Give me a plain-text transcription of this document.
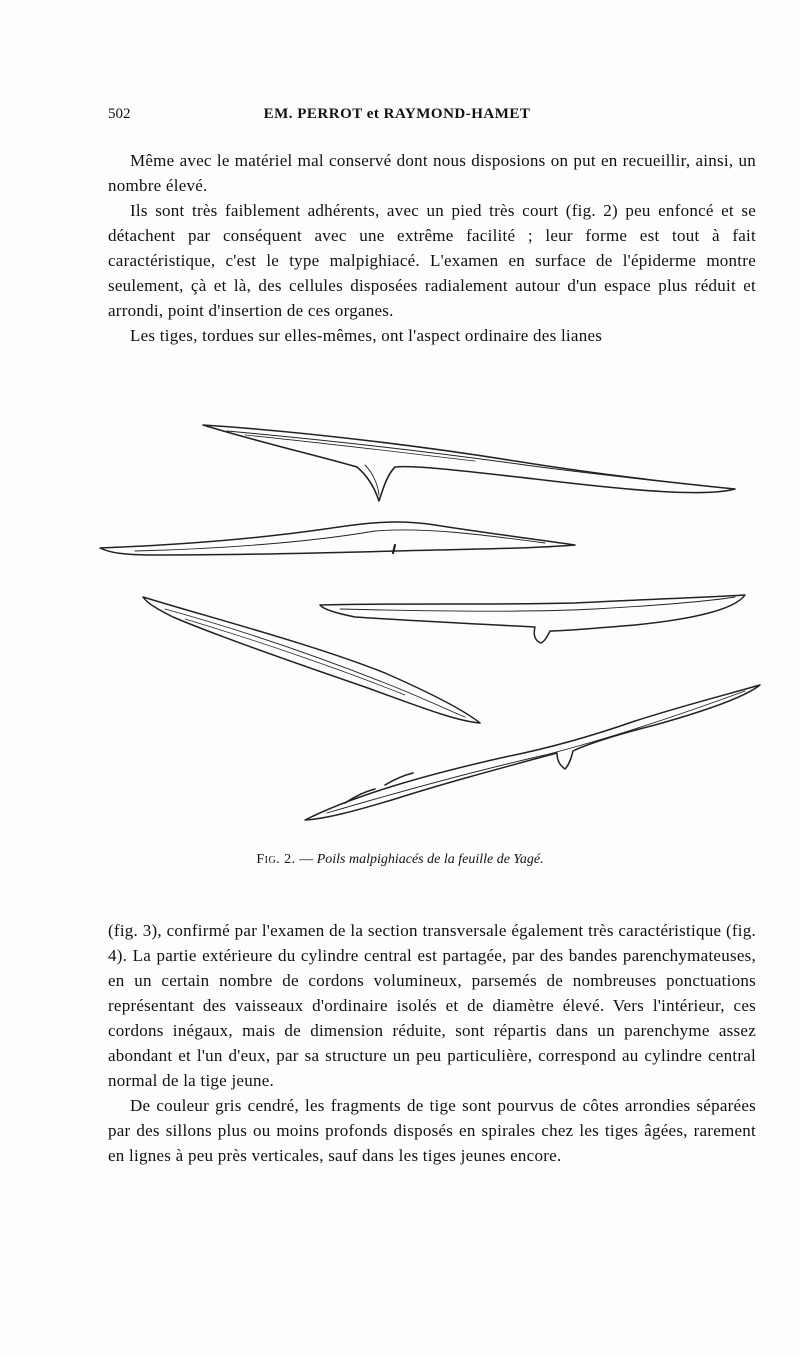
502	EM. PERROT et RAYMOND-HAMET

Même avec le matériel mal conservé dont nous disposions on put en recueillir, ainsi, un nombre élevé.

Ils sont très faiblement adhérents, avec un pied très court (fig. 2) peu enfoncé et se détachent par conséquent avec une extrême facilité ; leur forme est tout à fait caractéristique, c'est le type malpighiacé. L'examen en surface de l'épiderme montre seulement, çà et là, des cellules disposées radialement autour d'un espace plus réduit et arrondi, point d'insertion de ces organes.

Les tiges, tordues sur elles-mêmes, ont l'aspect ordinaire des lianes

Fig. 2. — Poils malpighiacés de la feuille de Yagé.

(fig. 3), confirmé par l'examen de la section transversale également très caractéristique (fig. 4). La partie extérieure du cylindre central est partagée, par des bandes parenchymateuses, en un certain nombre de cordons volumineux, parsemés de nombreuses ponctuations représentant des vaisseaux d'ordinaire isolés et de diamètre élevé. Vers l'intérieur, ces cordons inégaux, mais de dimension réduite, sont répartis dans un parenchyme assez abondant et l'un d'eux, par sa structure un peu particulière, correspond au cylindre central normal de la tige jeune.

De couleur gris cendré, les fragments de tige sont pourvus de côtes arrondies séparées par des sillons plus ou moins profonds disposés en spirales chez les tiges âgées, rarement en lignes à peu près verticales, sauf dans les tiges jeunes encore.
